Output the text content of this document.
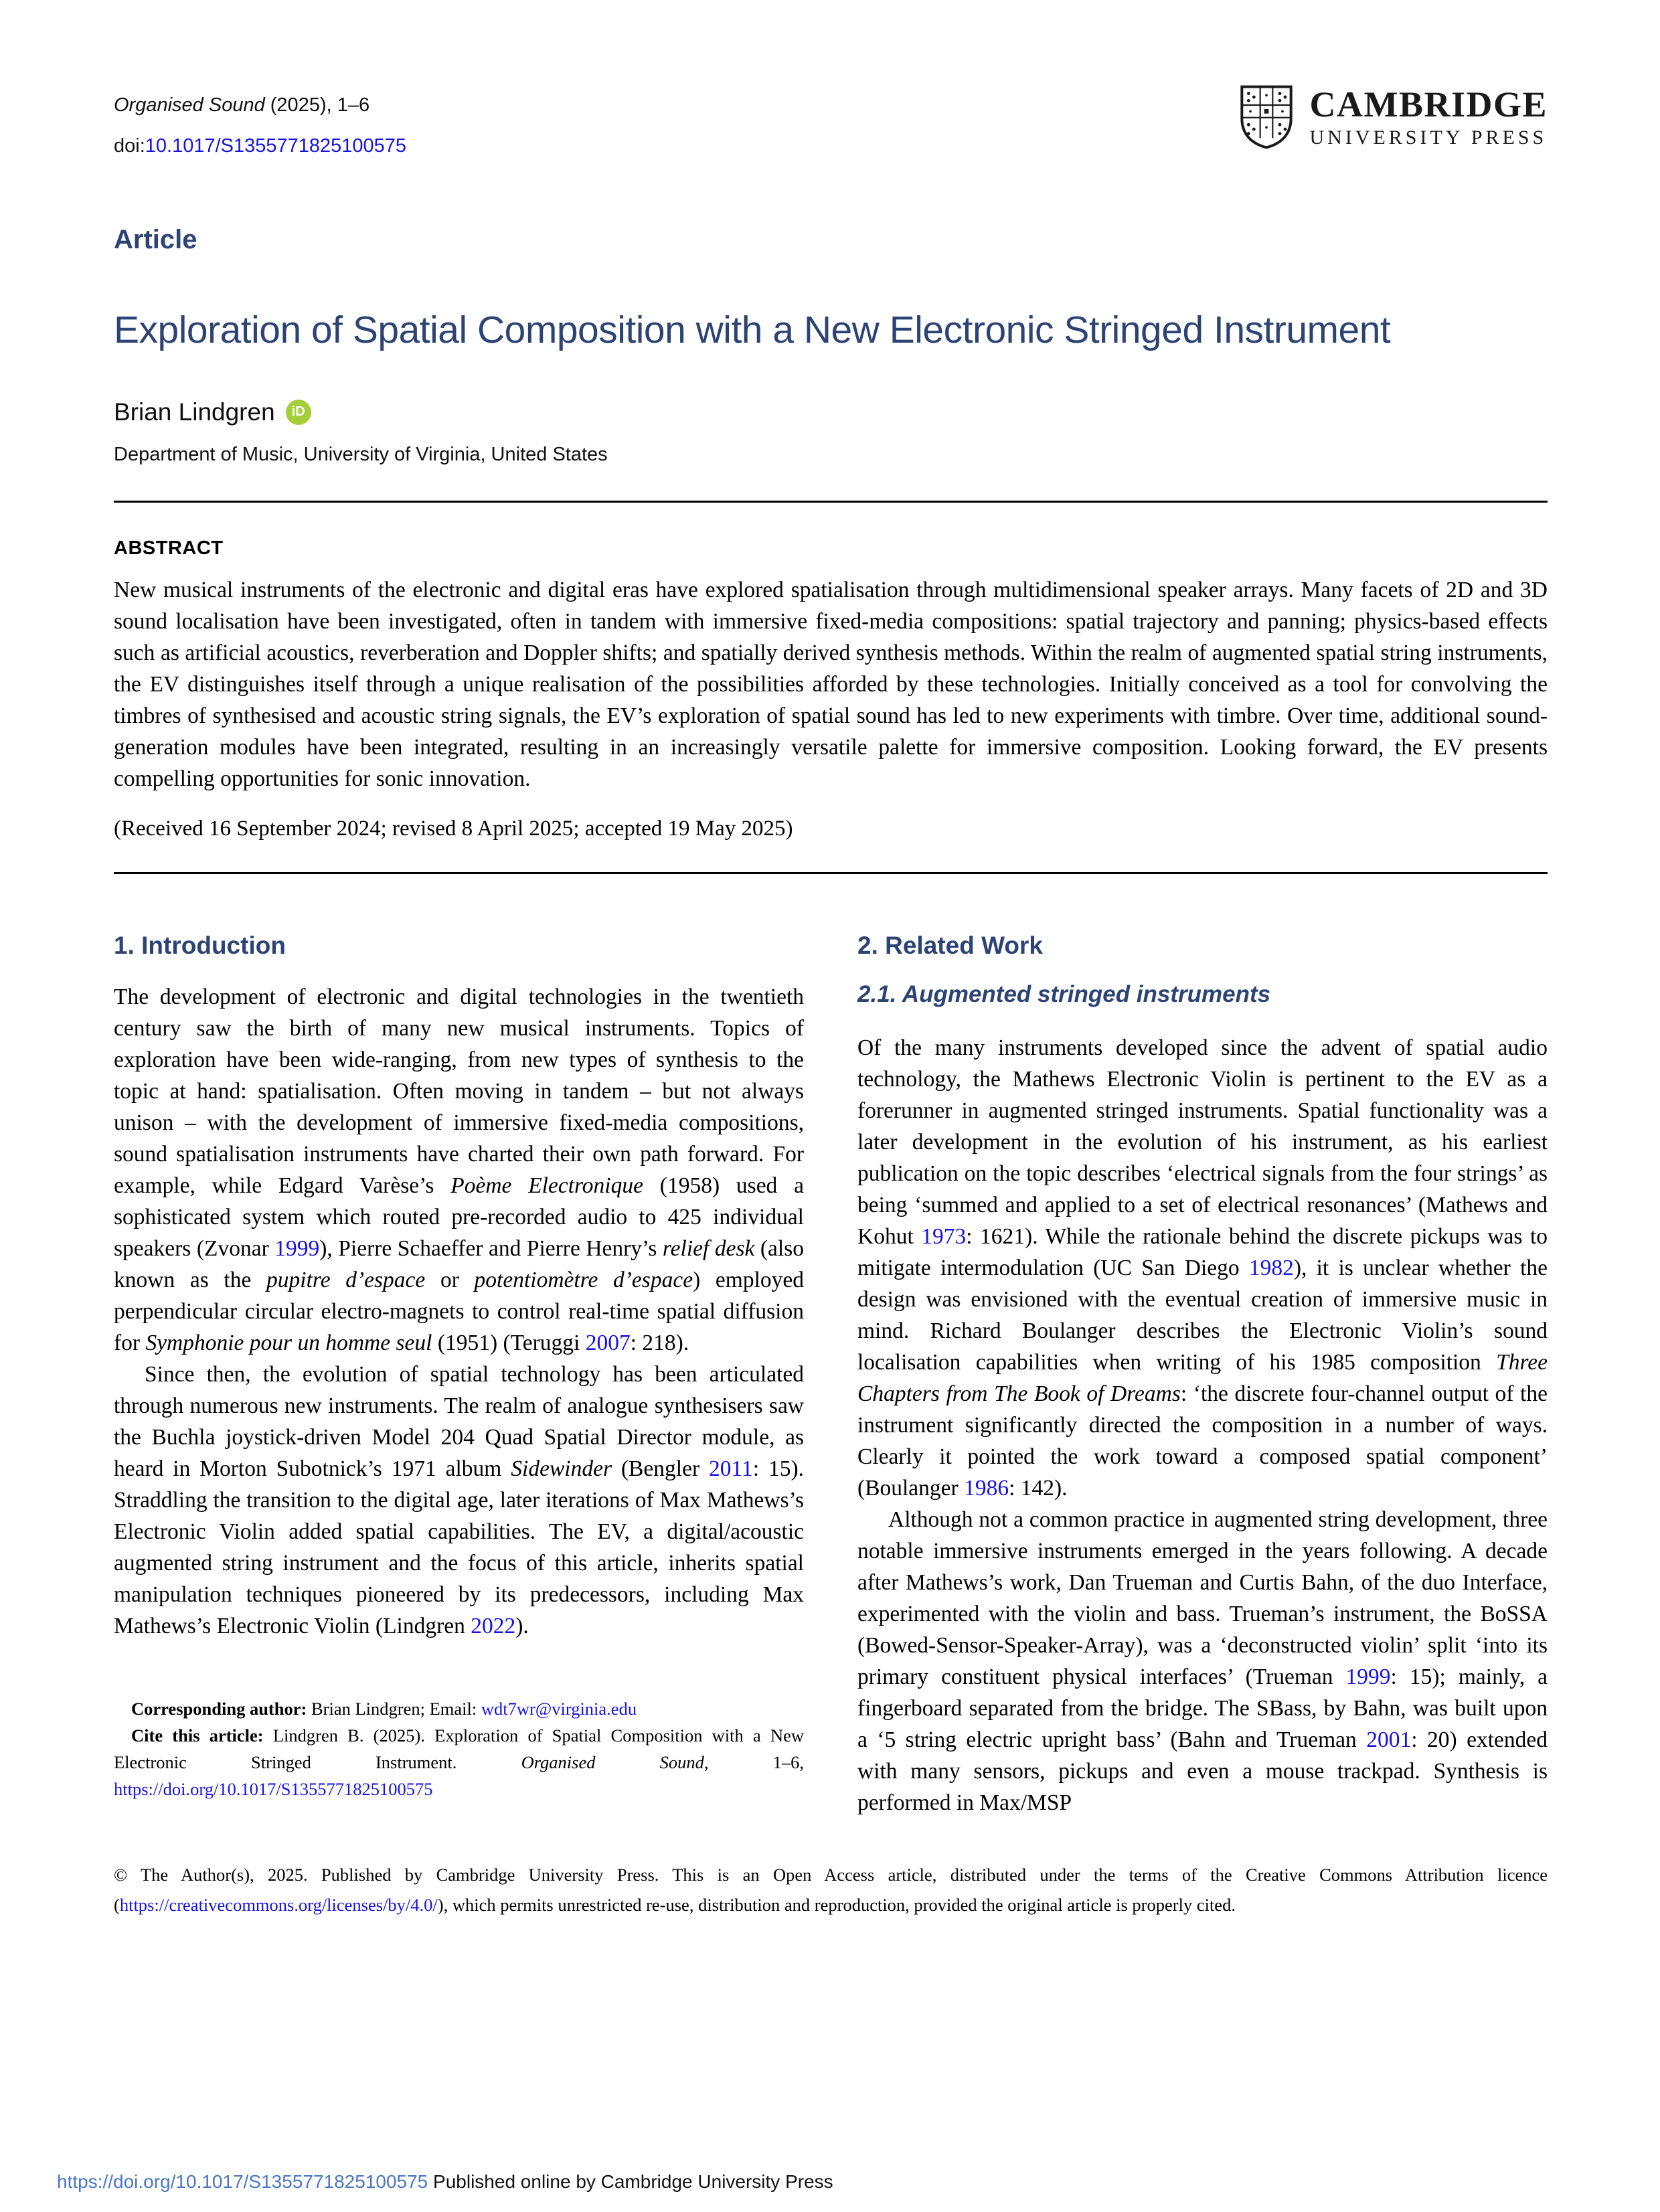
Organised Sound (2025), 1–6
doi:10.1017/S1355771825100575
CAMBRIDGE
UNIVERSITY PRESS
Article
Exploration of Spatial Composition with a New Electronic Stringed Instrument
Brian Lindgren	iD
Department of Music, University of Virginia, United States
ABSTRACT

New musical instruments of the electronic and digital eras have explored spatialisation through multidimensional speaker arrays. Many facets of 2D and 3D sound localisation have been investigated, often in tandem with immersive fixed-media compositions: spatial trajectory and panning; physics-based effects such as artificial acoustics, reverberation and Doppler shifts; and spatially derived synthesis methods. Within the realm of augmented spatial string instruments, the EV distinguishes itself through a unique realisation of the possibilities afforded by these technologies. Initially conceived as a tool for convolving the timbres of synthesised and acoustic string signals, the EV’s exploration of spatial sound has led to new experiments with timbre. Over time, additional sound-generation modules have been integrated, resulting in an increasingly versatile palette for immersive composition. Looking forward, the EV presents compelling opportunities for sonic innovation.

(Received 16 September 2024; revised 8 April 2025; accepted 19 May 2025)

1. Introduction

The development of electronic and digital technologies in the twentieth century saw the birth of many new musical instruments. Topics of exploration have been wide-ranging, from new types of synthesis to the topic at hand: spatialisation. Often moving in tandem – but not always unison – with the development of immersive fixed-media compositions, sound spatialisation instruments have charted their own path forward. For example, while Edgard Varèse’s Poème Electronique (1958) used a sophisticated system which routed pre-recorded audio to 425 individual speakers (Zvonar 1999), Pierre Schaeffer and Pierre Henry’s relief desk (also known as the pupitre d’espace or potentiomètre d’espace) employed perpendicular circular electro-magnets to control real-time spatial diffusion for Symphonie pour un homme seul (1951) (Teruggi 2007: 218).

Since then, the evolution of spatial technology has been articulated through numerous new instruments. The realm of analogue synthesisers saw the Buchla joystick-driven Model 204 Quad Spatial Director module, as heard in Morton Subotnick’s 1971 album Sidewinder (Bengler 2011: 15). Straddling the transition to the digital age, later iterations of Max Mathews’s Electronic Violin added spatial capabilities. The EV, a digital/acoustic augmented string instrument and the focus of this article, inherits spatial manipulation techniques pioneered by its predecessors, including Max Mathews’s Electronic Violin (Lindgren 2022).

Corresponding author: Brian Lindgren; Email: wdt7wr@virginia.edu

Cite this article: Lindgren B. (2025). Exploration of Spatial Composition with a New Electronic Stringed Instrument. Organised Sound, 1–6, https://doi.org/10.1017/S1355771825100575

2. Related Work
2.1. Augmented stringed instruments

Of the many instruments developed since the advent of spatial audio technology, the Mathews Electronic Violin is pertinent to the EV as a forerunner in augmented stringed instruments. Spatial functionality was a later development in the evolution of his instrument, as his earliest publication on the topic describes ‘electrical signals from the four strings’ as being ‘summed and applied to a set of electrical resonances’ (Mathews and Kohut 1973: 1621). While the rationale behind the discrete pickups was to mitigate intermodulation (UC San Diego 1982), it is unclear whether the design was envisioned with the eventual creation of immersive music in mind. Richard Boulanger describes the Electronic Violin’s sound localisation capabilities when writing of his 1985 composition Three Chapters from The Book of Dreams: ‘the discrete four-channel output of the instrument significantly directed the composition in a number of ways. Clearly it pointed the work toward a composed spatial component’ (Boulanger 1986: 142).

Although not a common practice in augmented string development, three notable immersive instruments emerged in the years following. A decade after Mathews’s work, Dan Trueman and Curtis Bahn, of the duo Interface, experimented with the violin and bass. Trueman’s instrument, the BoSSA (Bowed-Sensor-Speaker-Array), was a ‘deconstructed violin’ split ‘into its primary constituent physical interfaces’ (Trueman 1999: 15); mainly, a fingerboard separated from the bridge. The SBass, by Bahn, was built upon a ‘5 string electric upright bass’ (Bahn and Trueman 2001: 20) extended with many sensors, pickups and even a mouse trackpad. Synthesis is performed in Max/MSP

© The Author(s), 2025. Published by Cambridge University Press. This is an Open Access article, distributed under the terms of the Creative Commons Attribution licence (https://creativecommons.org/licenses/by/4.0/), which permits unrestricted re-use, distribution and reproduction, provided the original article is properly cited.

https://doi.org/10.1017/S1355771825100575 Published online by Cambridge University Press
